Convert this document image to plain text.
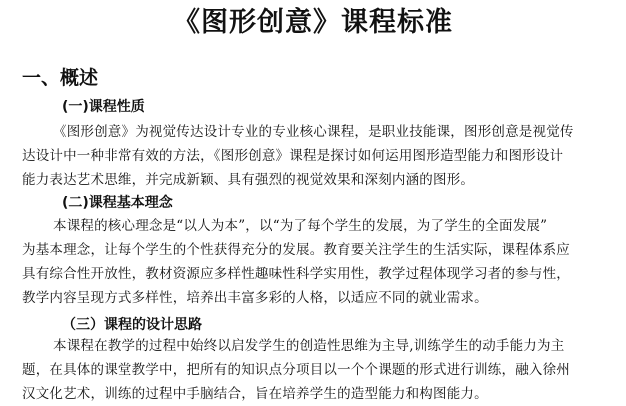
《图形创意》课程标准
一、概述
(一)课程性质
《图形创意》为视觉传达设计专业的专业核心课程，是职业技能课，图形创意是视觉传
达设计中一种非常有效的方法，《图形创意》课程是探讨如何运用图形造型能力和图形设计
能力表达艺术思维，并完成新颖、具有强烈的视觉效果和深刻内涵的图形。
(二)课程基本理念
本课程的核心理念是“以人为本”，以“为了每个学生的发展，为了学生的全面发展”
为基本理念，让每个学生的个性获得充分的发展。教育要关注学生的生活实际，课程体系应
具有综合性开放性，教材资源应多样性趣味性科学实用性，教学过程体现学习者的参与性，
教学内容呈现方式多样性，培养出丰富多彩的人格，以适应不同的就业需求。
（三）课程的设计思路
本课程在教学的过程中始终以启发学生的创造性思维为主导,训练学生的动手能力为主
题，在具体的课堂教学中，把所有的知识点分项目以一个个课题的形式进行训练，融入徐州
汉文化艺术，训练的过程中手脑结合，旨在培养学生的造型能力和构图能力。
